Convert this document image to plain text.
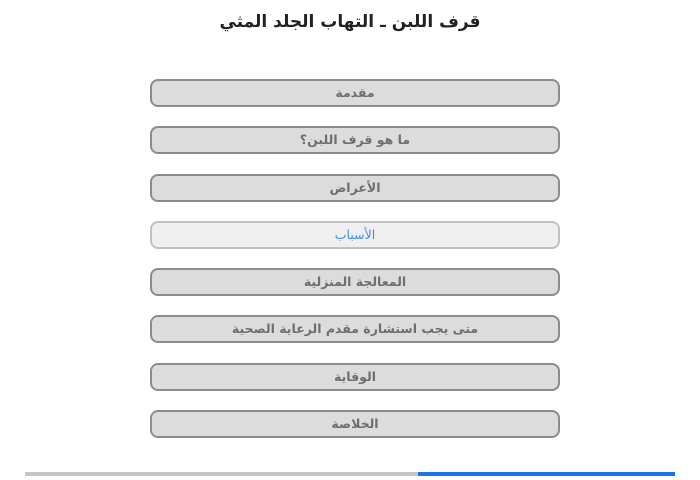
قرف اللبن ـ التهاب الجلد المثي
مقدمة
ما هو قرف اللبن؟
الأعراض
الأسباب
المعالجة المنزلية
متى يجب استشارة مقدم الرعاية الصحية
الوقاية
الخلاصة
